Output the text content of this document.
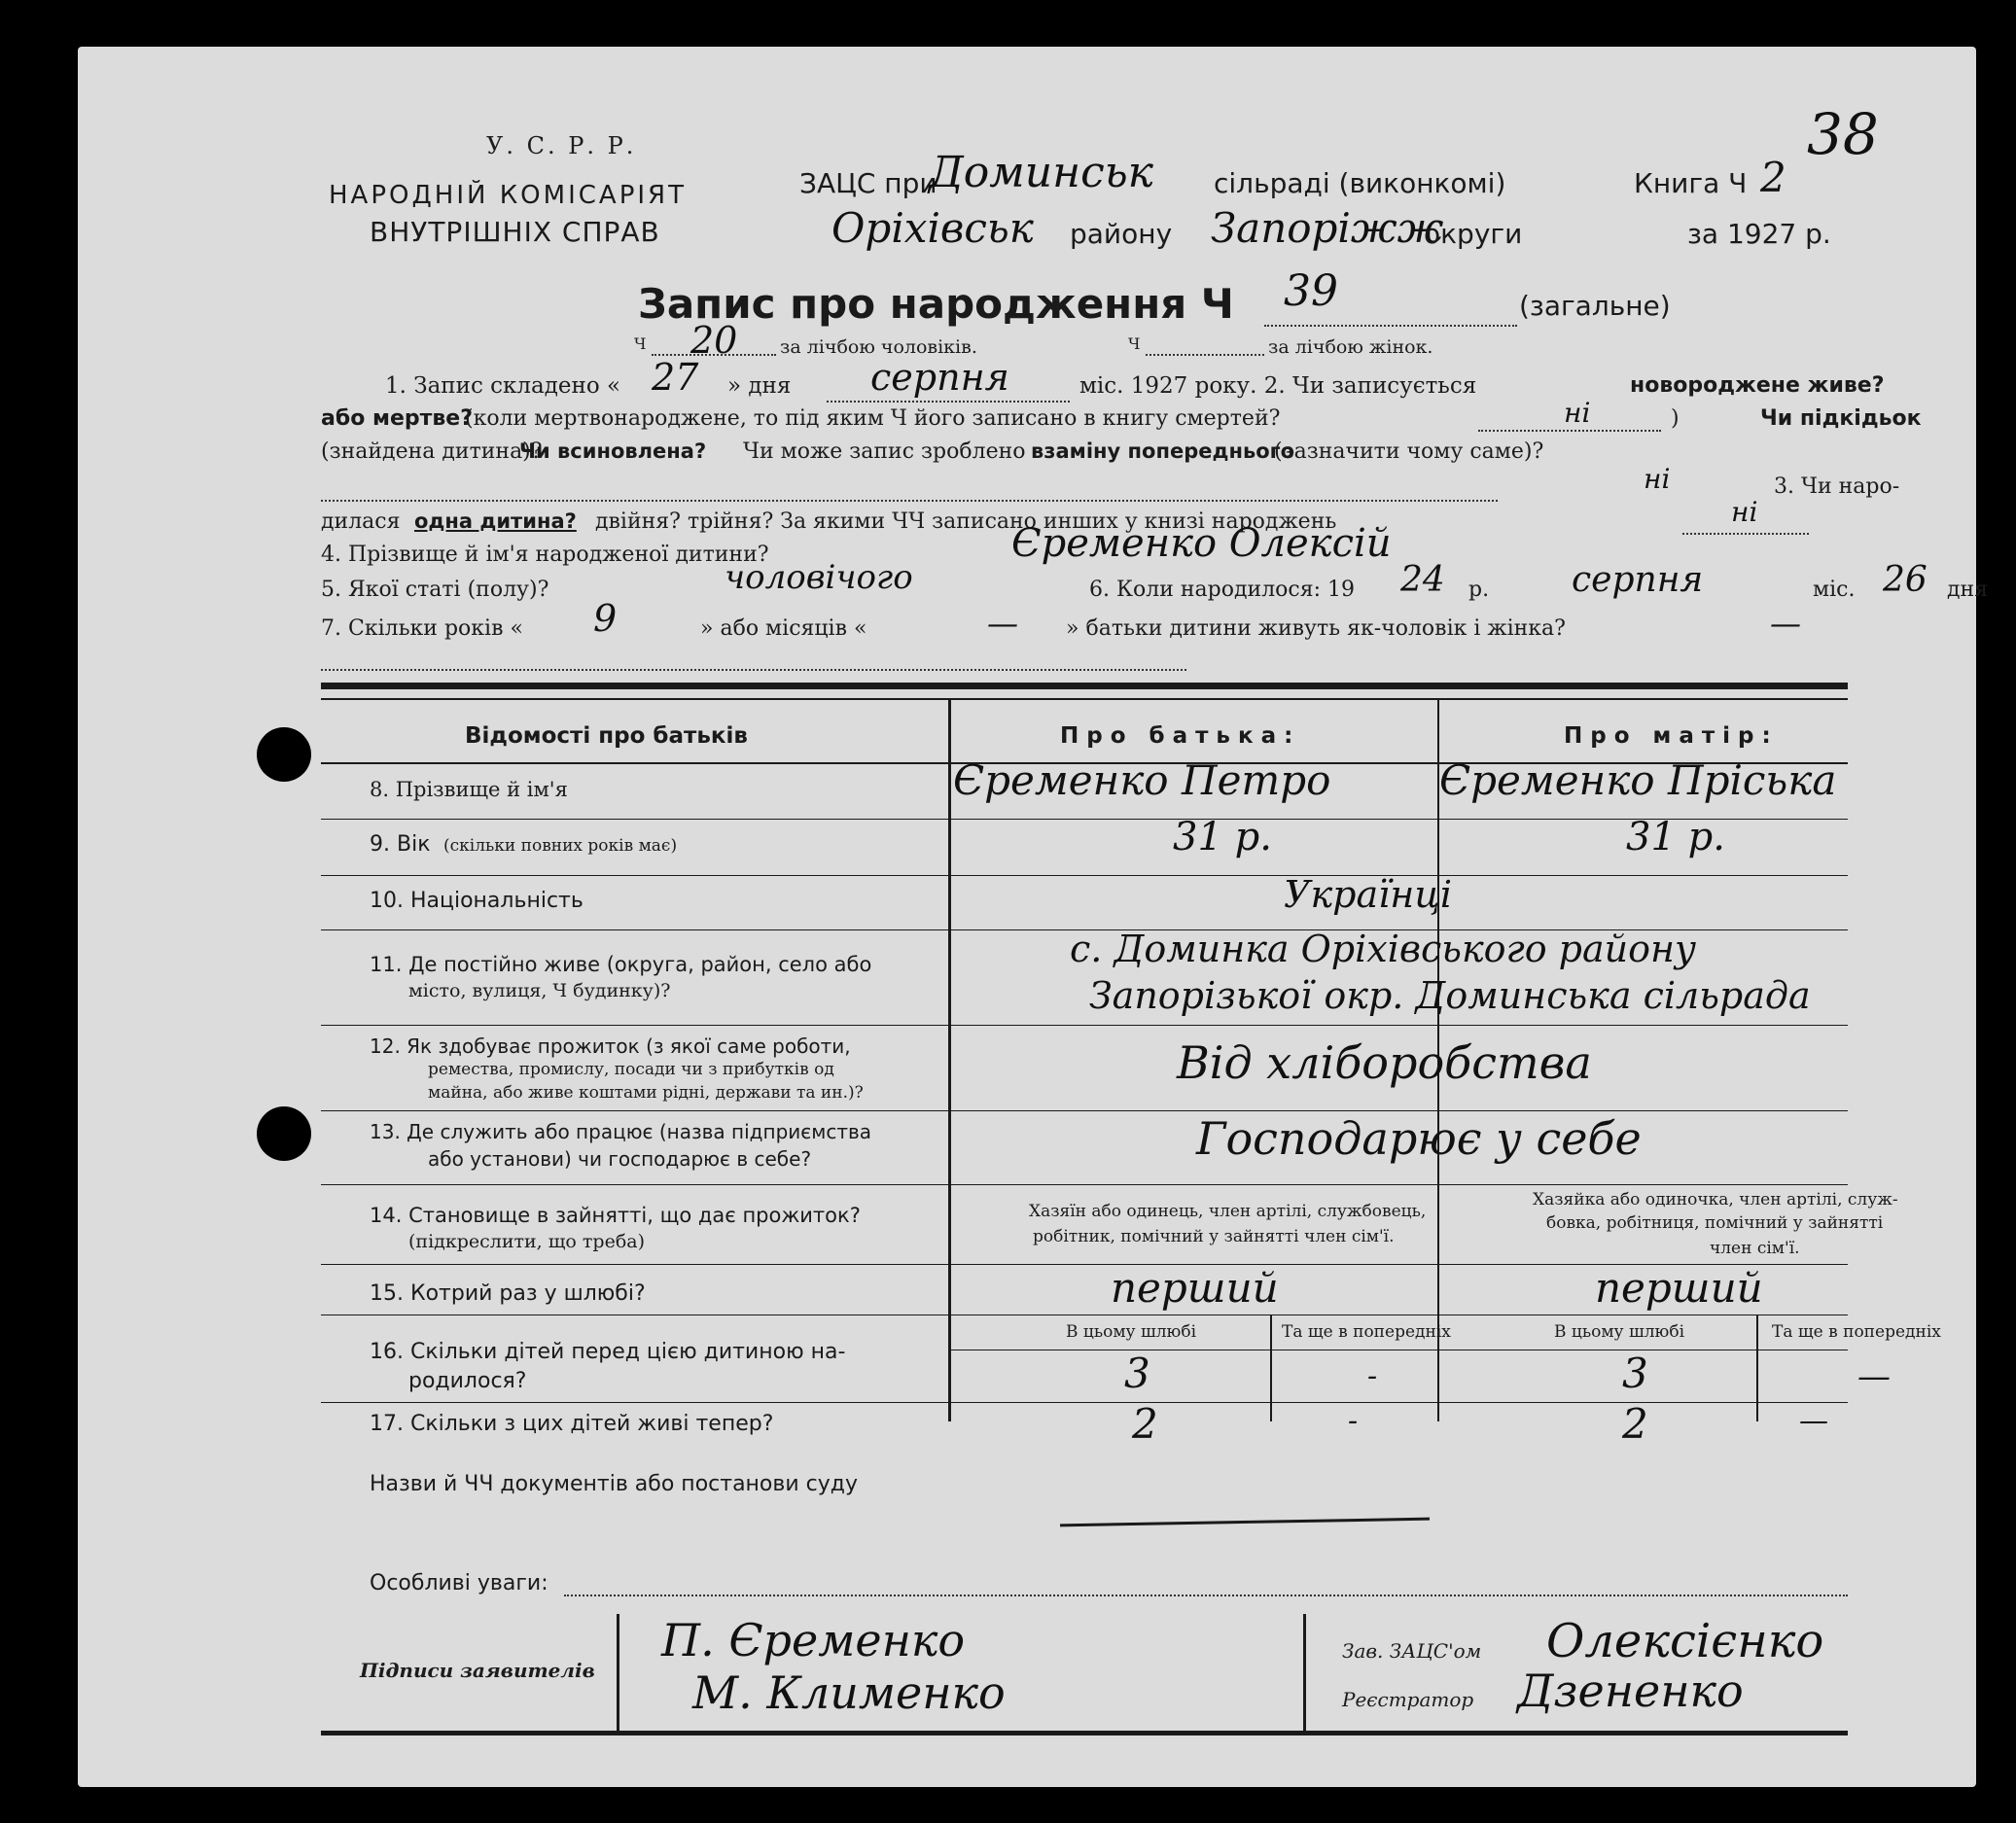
У. С. Р. Р.
НАРОДНІЙ КОМІСАРІЯТ
ВНУТРІШНІХ СПРАВ
ЗАЦС при
Доминськ сільраді (виконкомі)	Книга Ч 2
38
Оріхівськ району Запоріжж
округи	за 1927 р.
Запис про народження Ч 39	(загальне)
Ч 20 за лічбою чоловіків.	Ч	за лічбою жінок.
1. Запис складено « 27 » дня серпня	міс. 1927 року. 2. Чи записується	новороджене живе?
або мертве?
(коли мертвонароджене, то під яким Ч його записано в книгу смертей?	ні	)	Чи підкідьок
(знайдена дитина)?
Чи всиновлена? Чи може запис зроблено взаміну попереднього
(зазначити чому саме)?
ні	3. Чи наро-
дилася одна дитина? двійня? трійня? За якими ЧЧ записано инших у книзі народжень	ні
4. Прізвище й ім'я народженої дитини?	Єременко Олексій
5. Якої статі (полу)?	чоловічого	6. Коли народилося: 19 24 р. серпня	міс. 26 дня
7. Скільки років « 9	» або місяців «	— » батьки дитини живуть як-чоловік і жінка?	—
Відомості про батьків	Про батька:	Про матір:
8. Прізвище й ім'я	Єременко Петро	Єременко Пріська
9. Вік (скільки повних років має)	31 р.	31 р.
10. Національність	Українці
11. Де постійно живе (округа, район, село або
місто, вулиця, Ч будинку)?
с. Доминка Оріхівського району
Запорізької окр. Доминська сільрада
12. Як здобуває прожиток (з якої саме роботи,
ремества, промислу, посади чи з прибутків од
майна, або живе коштами рідні, держави та ин.)?
Від хліборобства
13. Де служить або працює (назва підприємства
або установи) чи господарює в себе?	Господарює у себе
14. Становище в зайнятті, що дає прожиток?
(підкреслити, що треба)
Хазяїн або одинець, член артілі, службовець,
робітник, помічний у зайнятті член сім'ї.
Хазяйка або одиночка, член артілі, служ-
бовка, робітниця, помічний у зайнятті
член сім'ї.
15. Котрий раз у шлюбі?	перший	перший
В цьому шлюбі	Та ще в попередніх	В цьому шлюбі	Та ще в попередніх
16. Скільки дітей перед цією дитиною на-
родилося?	3	-	3	—
17. Скільки з цих дітей живі тепер?	2	-	2	—
Назви й ЧЧ документів або постанови суду
Особливі уваги:
Підписи заявителів
П. Єременко
М. Клименко
Зав. ЗАЦС'ом Олексієнко
Реєстратор Дзененко
